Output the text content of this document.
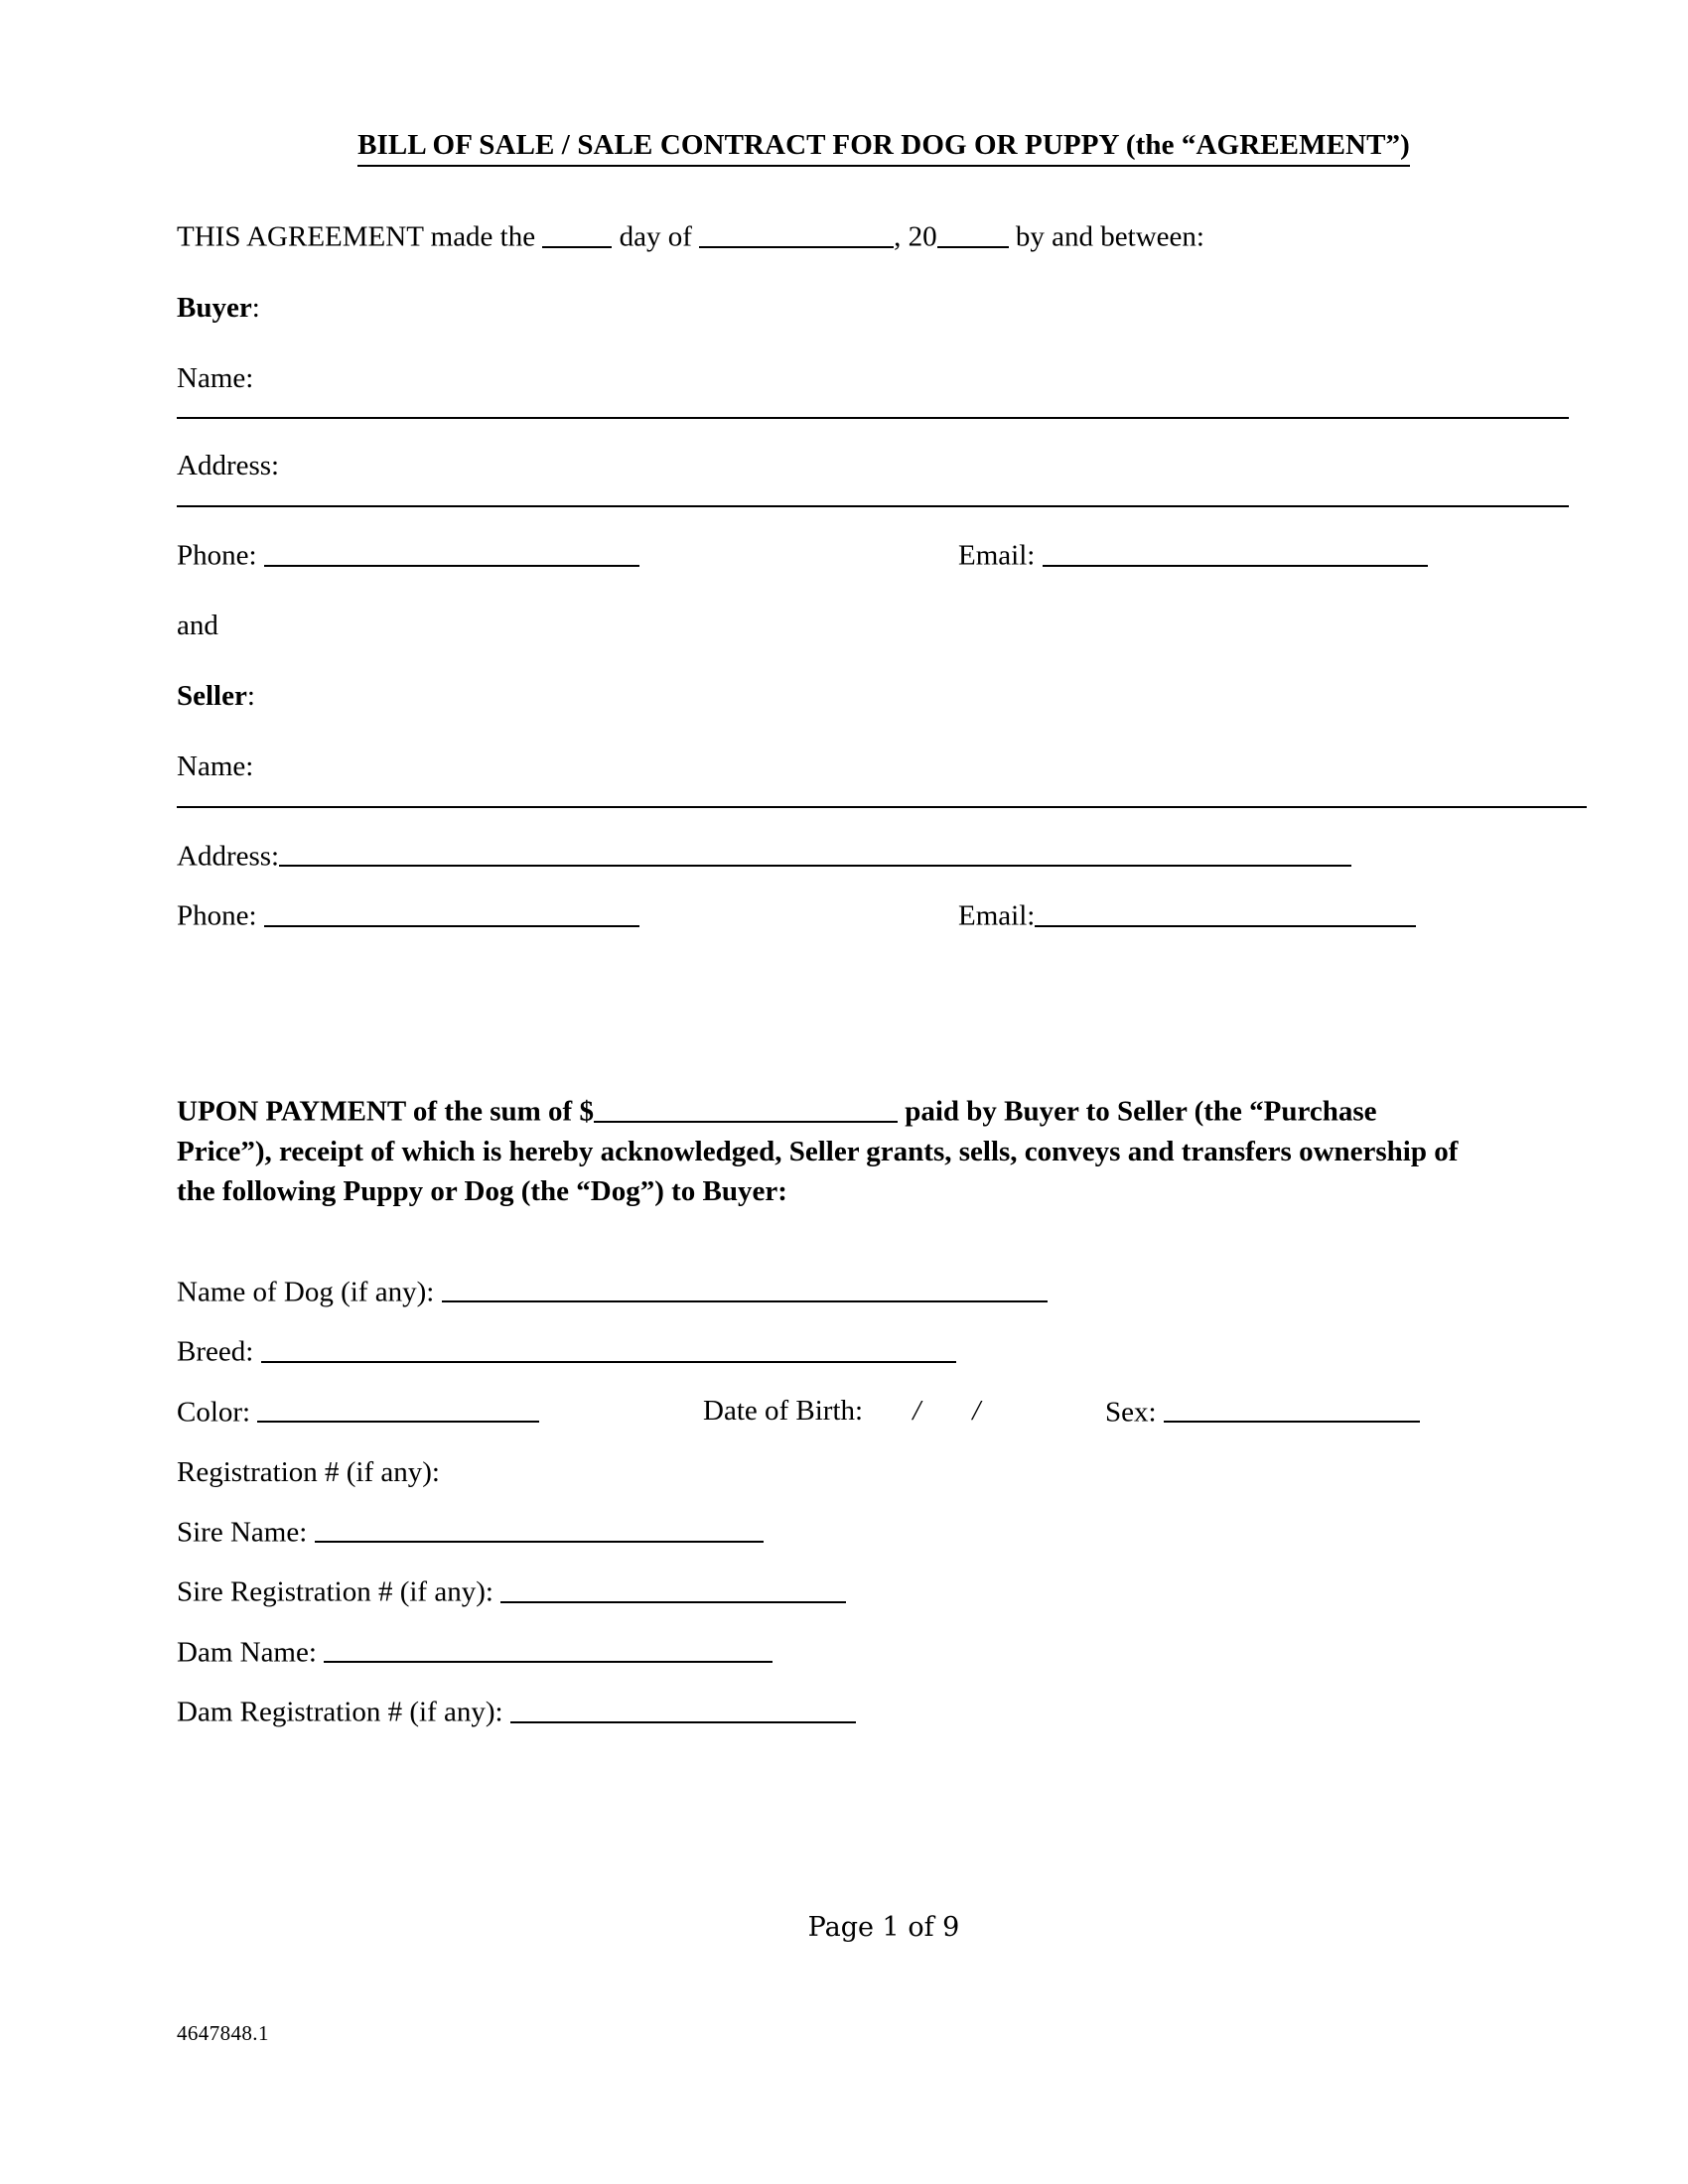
BILL OF SALE / SALE CONTRACT FOR DOG OR PUPPY (the “AGREEMENT”)

THIS AGREEMENT made the  day of	, 20 by and between:

Buyer:

Name:

Address:

Phone:	Email:

and

Seller:

Name:

Address:

Phone:	Email:

UPON PAYMENT of the sum of $	paid by Buyer to Seller (the “Purchase Price”), receipt of which is hereby acknowledged, Seller grants, sells, conveys and transfers ownership of the following Puppy or Dog (the “Dog”) to Buyer:

Name of Dog (if any):

Breed:

Color:	Date of Birth: / /	Sex:

Registration # (if any):

Sire Name:

Sire Registration # (if any):

Dam Name:

Dam Registration # (if any):

Page 1 of 9
4647848.1
